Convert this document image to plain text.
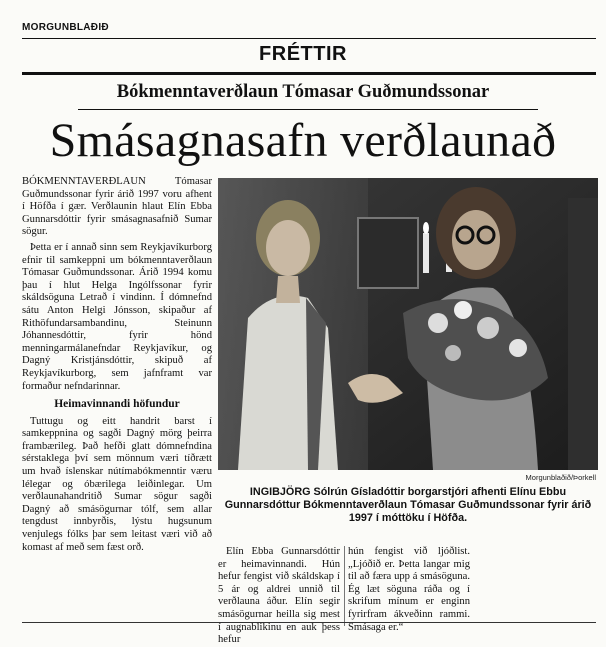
MORGUNBLAÐIÐ
FRÉTTIR
Bókmenntaverðlaun Tómasar Guðmundssonar
Smásagnasafn verðlaunað

BÓKMENNTAVERÐLAUN Tómasar Guðmundssonar fyrir árið 1997 voru afhent í Höfða í gær. Verðlaunin hlaut Elín Ebba Gunnarsdóttir fyrir smásagnasafnið Sumar sögur.

Þetta er í annað sinn sem Reykjavíkurborg efnir til samkeppni um bókmenntaverðlaun Tómasar Guðmundssonar. Árið 1994 komu þau í hlut Helga Ingólfssonar fyrir skáldsöguna Letrað í vindinn. Í dómnefnd sátu Anton Helgi Jónsson, skipaður af Rithöfundarsambandinu, Steinunn Jóhannesdóttir, fyrir hönd menningarmálanefndar Reykjavíkur, og Dagný Kristjánsdóttir, skipuð af Reykjavíkurborg, sem jafnframt var formaður nefndarinnar.

Heimavinnandi höfundur

Tuttugu og eitt handrit barst í samkeppnina og sagði Dagný mörg þeirra frambærileg. Það hefði glatt dómnefndina sérstaklega því sem mönnum væri tíðrætt um hvað íslenskar nútímabókmenntir væru lélegar og óbærilega leiðinlegar. Um verðlaunahandritið Sumar sögur sagði Dagný að smásögurnar tólf, sem allar tengdust innbyrðis, lýstu hugsunum venjulegs fólks þar sem leitast væri við að komast af með sem fæst orð.

Morgunblaðið/Þorkell
INGIBJÖRG Sólrún Gísladóttir borgarstjóri afhenti Elínu Ebbu Gunnarsdóttur Bókmenntaverðlaun Tómasar Guðmundssonar fyrir árið 1997 í móttöku í Höfða.

Elín Ebba Gunnarsdóttir er heimavinnandi. Hún hefur fengist við skáldskap í 5 ár og aldrei unnið til verðlauna áður. Elín segir smásögurnar heilla sig mest í augnablikinu en auk þess hefur

hún fengist við ljóðlist. „Ljóðið er. Þetta langar mig til að færa upp á smásöguna. Ég læt söguna ráða og í skrifum mínum er enginn fyrirfram ákveðinn rammi. Smásaga er.“
